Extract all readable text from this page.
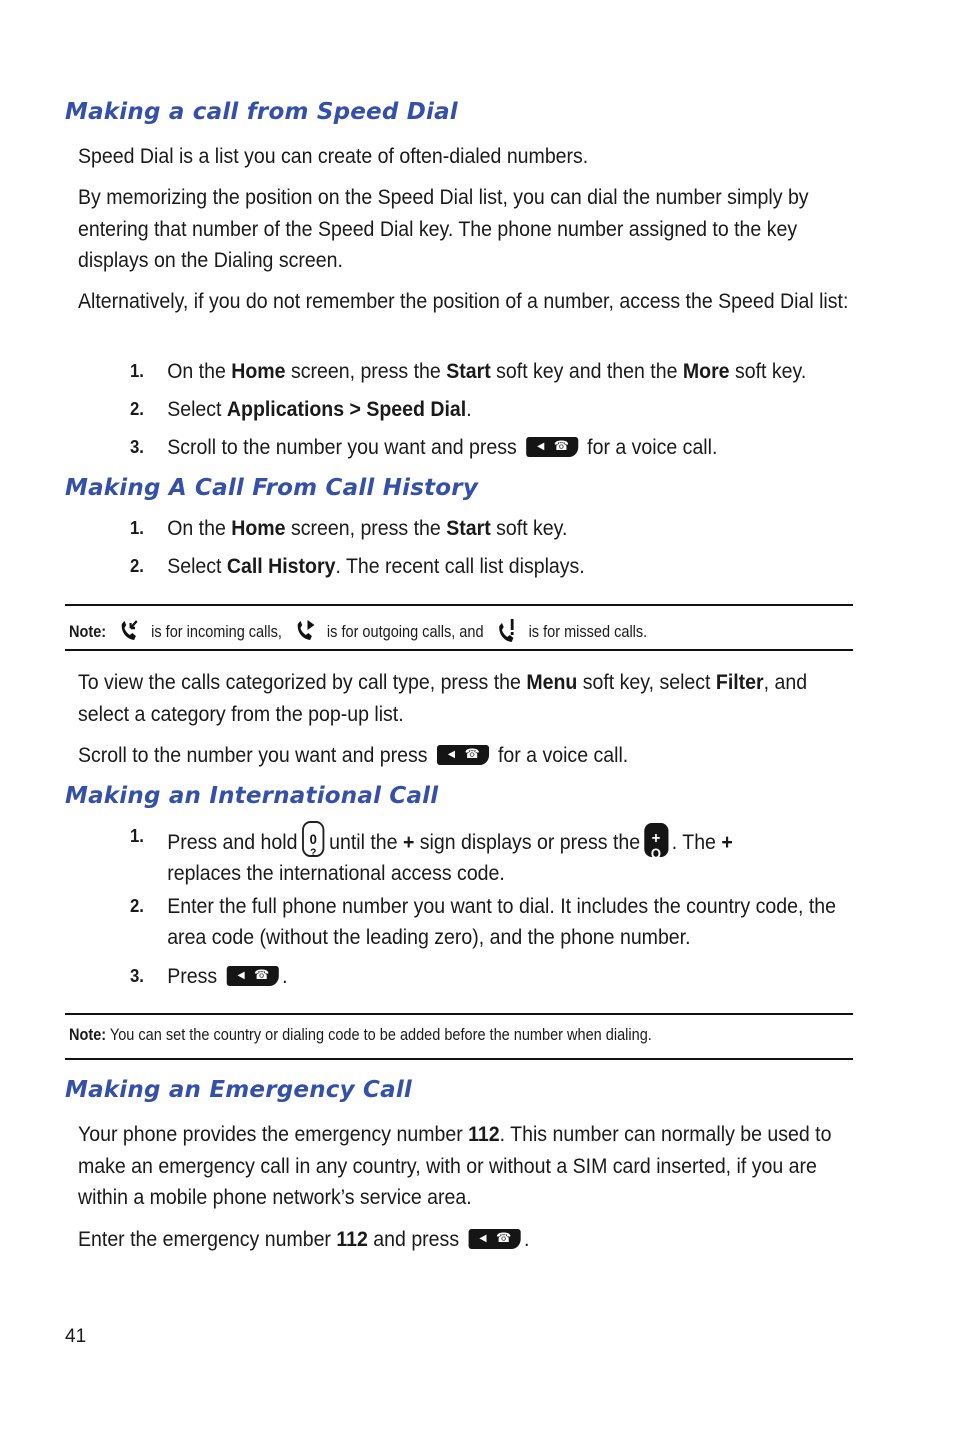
Making a call from Speed Dial

Speed Dial is a list you can create of often-dialed numbers.

By memorizing the position on the Speed Dial list, you can dial the number simply by entering that number of the Speed Dial key. The phone number assigned to the key displays on the Dialing screen.

Alternatively, if you do not remember the position of a number, access the Speed Dial list:

1. On the Home screen, press the Start soft key and then the More soft key.
2. Select Applications > Speed Dial.
3. Scroll to the number you want and press ◀ ☎ for a voice call.
Making A Call From Call History
1. On the Home screen, press the Start soft key.
2. Select Call History. The recent call list displays.
Note:	is for incoming calls,	is for outgoing calls, and	is for missed calls.

To view the calls categorized by call type, press the Menu soft key, select Filter, and select a category from the pop-up list.

Scroll to the number you want and press ◀ ☎ for a voice call.

Making an International Call
1. Press and hold 0
? until the + sign displays or press the +
Q . The +
replaces the international access code.
2. Enter the full phone number you want to dial. It includes the country code, the area code (without the leading zero), and the phone number.
3. Press ◀ ☎ .
Note: You can set the country or dialing code to be added before the number when dialing.
Making an Emergency Call

Your phone provides the emergency number 112. This number can normally be used to make an emergency call in any country, with or without a SIM card inserted, if you are within a mobile phone network’s service area.

Enter the emergency number 112 and press ◀ ☎ .

41
